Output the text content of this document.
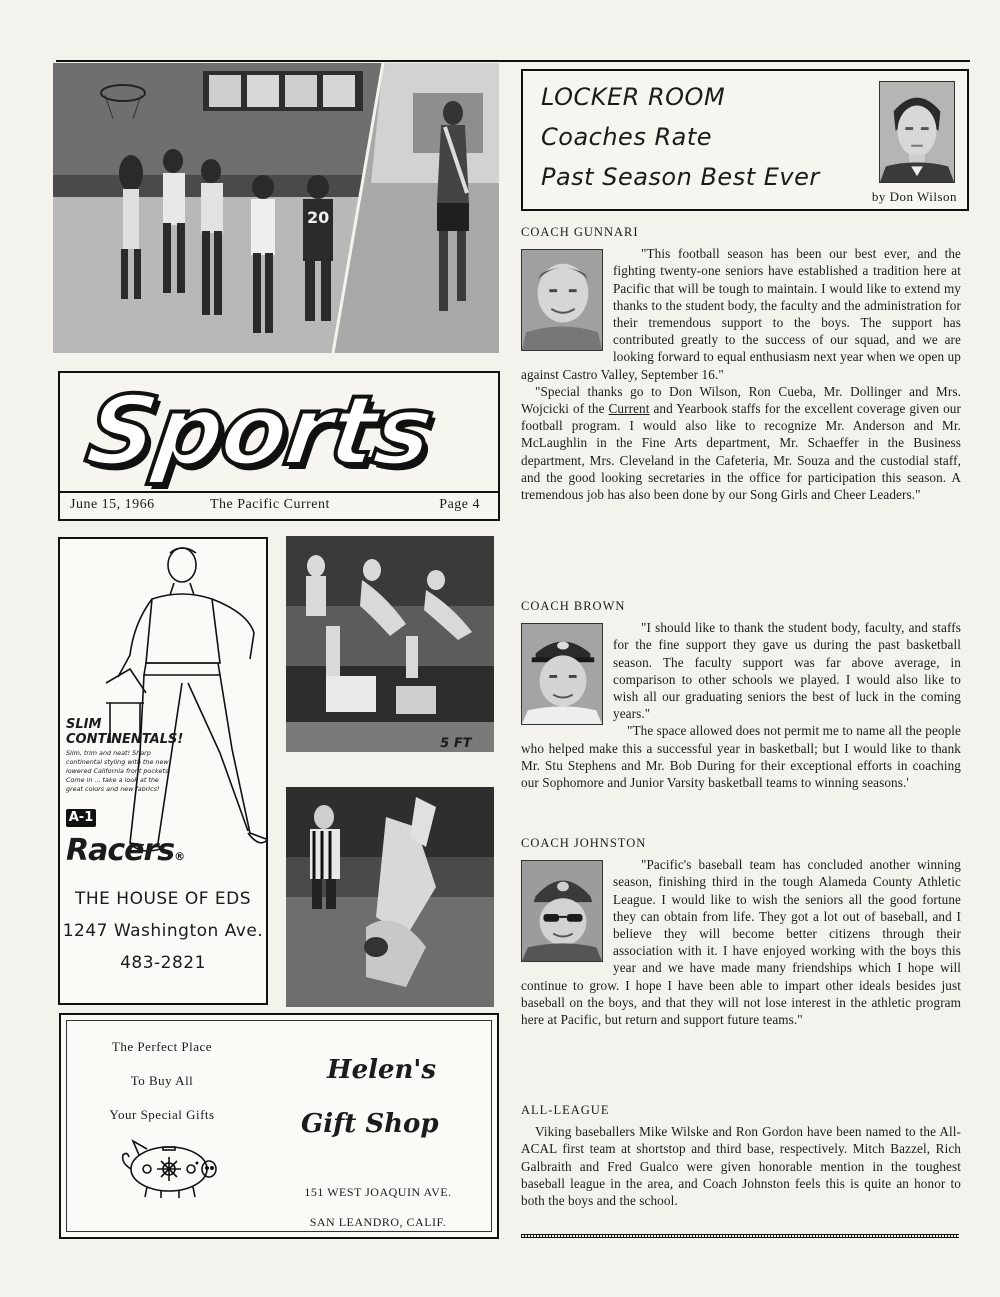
20
Sports
June 15, 1966	The Pacific Current	Page 4
SLIM
CONTINENTALS!
Slim, trim and neat! Sharp continental styling with the new lowered California front pockets. Come in ... take a look at the great colors and new fabrics!
A-1
Racers®
THE HOUSE OF EDS
1247 Washington Ave.
483-2821
5 FT
The Perfect Place
To Buy All
Your Special Gifts
Helen's
Gift Shop
151 WEST JOAQUIN AVE.
SAN LEANDRO, CALIF.
LOCKER ROOM
Coaches Rate
Past Season Best Ever
by Don Wilson
COACH GUNNARI
"This football season has been our best ever, and the fighting twenty-one seniors have established a tradition here at Pacific that will be tough to maintain. I would like to extend my thanks to the student body, the faculty and the administration for their tremendous support to the boys. The support has contributed greatly to the success of our squad, and we are looking forward to equal enthusiasm next year when we open up against Castro Valley, September 16."
"Special thanks go to Don Wilson, Ron Cueba, Mr. Dollinger and Mrs. Wojcicki of the Current and Yearbook staffs for the excellent coverage given our football program. I would also like to recognize Mr. Anderson and Mr. McLaughlin in the Fine Arts department, Mr. Schaeffer in the Business department, Mrs. Cleveland in the Cafeteria, Mr. Souza and the custodial staff, and the good looking secretaries in the office for participation this season. A tremendous job has also been done by our Song Girls and Cheer Leaders."
COACH BROWN
"I should like to thank the student body, faculty, and staffs for the fine support they gave us during the past basketball season. The faculty support was far above average, in comparison to other schools we played. I would also like to wish all our graduating seniors the best of luck in the coming years."
"The space allowed does not permit me to name all the people who helped make this a successful year in basketball; but I would like to thank Mr. Stu Stephens and Mr. Bob During for their exceptional efforts in coaching our Sophomore and Junior Varsity basketball teams to winning seasons.'
COACH JOHNSTON
"Pacific's baseball team has concluded another winning season, finishing third in the tough Alameda County Athletic League. I would like to wish the seniors all the good fortune they can obtain from life. They got a lot out of baseball, and I believe they will become better citizens through their association with it. I have enjoyed working with the boys this year and we have made many friendships which I hope will continue to grow. I hope I have been able to impart other ideals besides just baseball on the boys, and that they will not lose interest in the athletic program here at Pacific, but return and support future teams."
ALL-LEAGUE
Viking baseballers Mike Wilske and Ron Gordon have been named to the All-ACAL first team at shortstop and third base, respectively. Mitch Bazzel, Rich Galbraith and Fred Gualco were given honorable mention in the toughest baseball league in the area, and Coach Johnston feels this is quite an honor to both the boys and the school.
